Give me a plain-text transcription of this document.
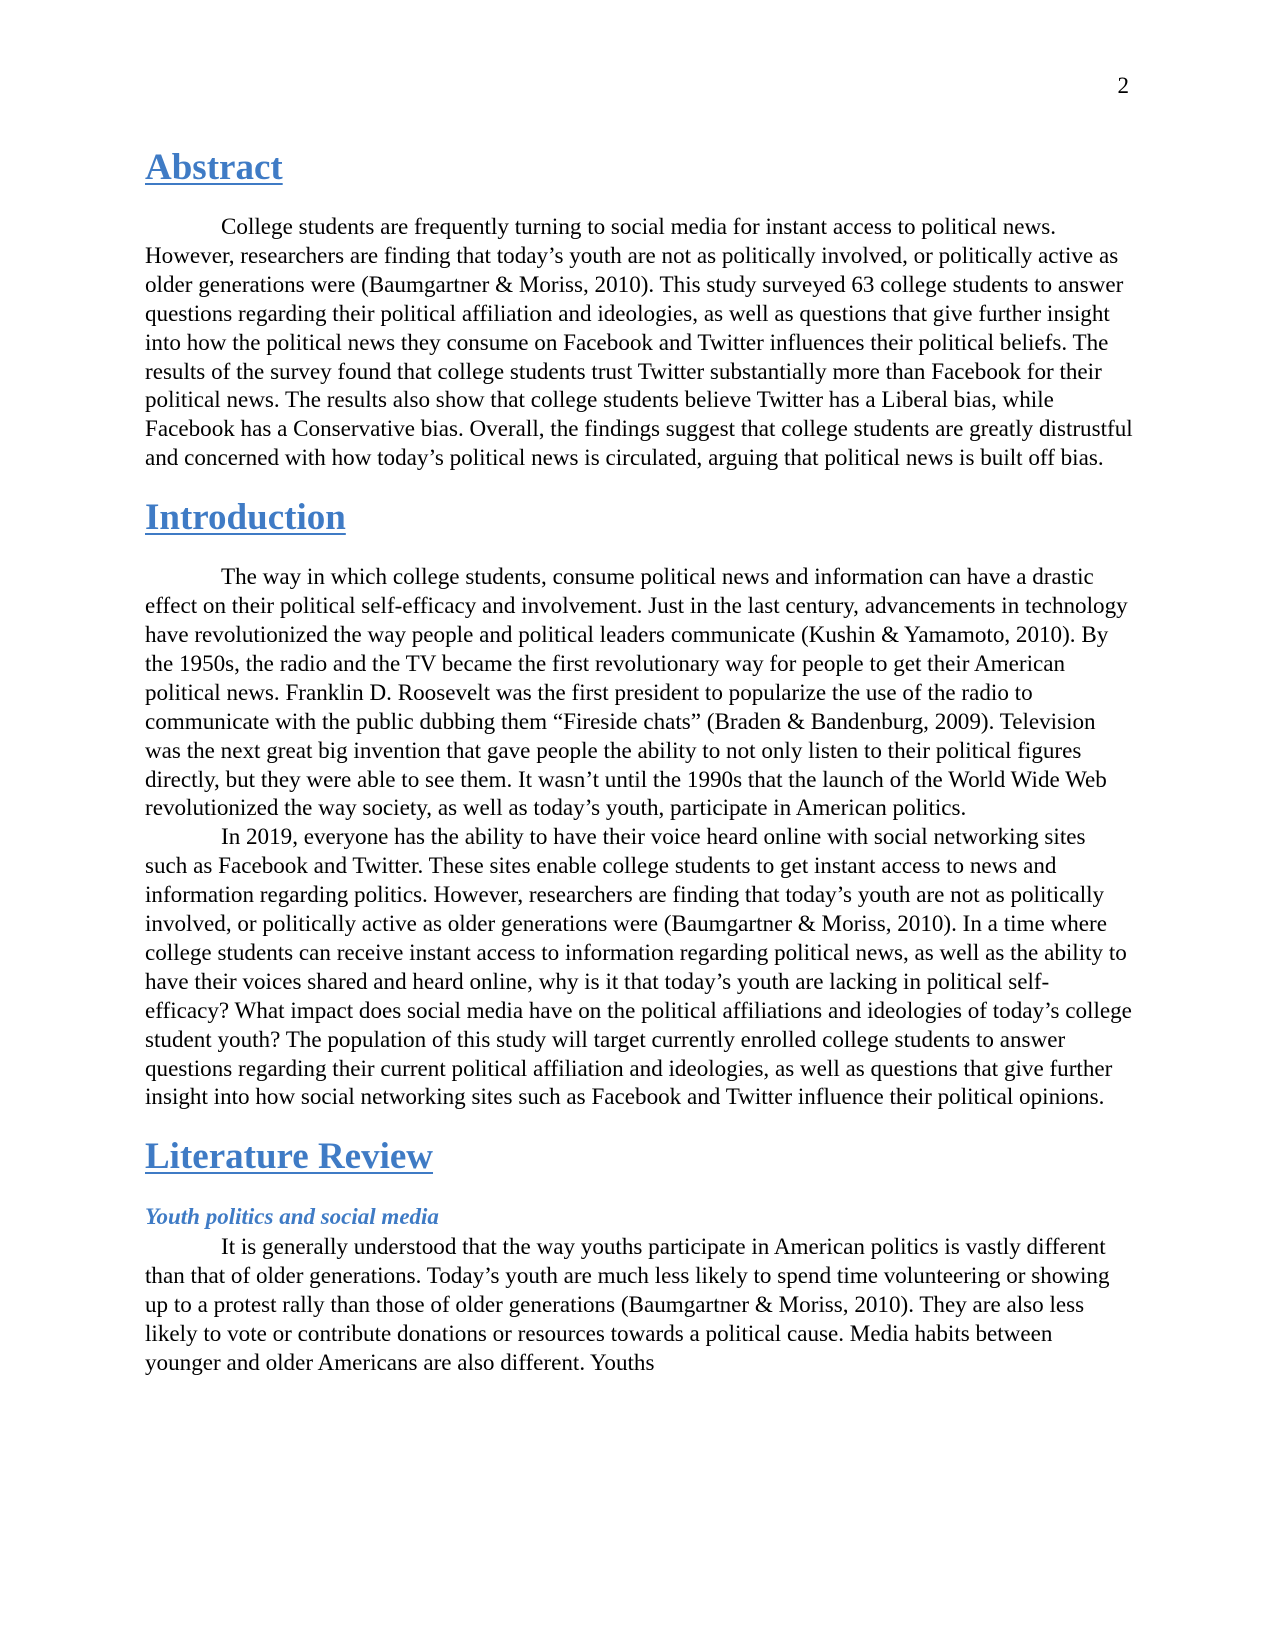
2
Abstract

College students are frequently turning to social media for instant access to political news. However, researchers are finding that today’s youth are not as politically involved, or politically active as older generations were (Baumgartner & Moriss, 2010). This study surveyed 63 college students to answer questions regarding their political affiliation and ideologies, as well as questions that give further insight into how the political news they consume on Facebook and Twitter influences their political beliefs. The results of the survey found that college students trust Twitter substantially more than Facebook for their political news. The results also show that college students believe Twitter has a Liberal bias, while Facebook has a Conservative bias. Overall, the findings suggest that college students are greatly distrustful and concerned with how today’s political news is circulated, arguing that political news is built off bias.

Introduction

The way in which college students, consume political news and information can have a drastic effect on their political self-efficacy and involvement. Just in the last century, advancements in technology have revolutionized the way people and political leaders communicate (Kushin & Yamamoto, 2010). By the 1950s, the radio and the TV became the first revolutionary way for people to get their American political news. Franklin D. Roosevelt was the first president to popularize the use of the radio to communicate with the public dubbing them “Fireside chats” (Braden & Bandenburg, 2009). Television was the next great big invention that gave people the ability to not only listen to their political figures directly, but they were able to see them. It wasn’t until the 1990s that the launch of the World Wide Web revolutionized the way society, as well as today’s youth, participate in American politics.

In 2019, everyone has the ability to have their voice heard online with social networking sites such as Facebook and Twitter. These sites enable college students to get instant access to news and information regarding politics. However, researchers are finding that today’s youth are not as politically involved, or politically active as older generations were (Baumgartner & Moriss, 2010). In a time where college students can receive instant access to information regarding political news, as well as the ability to have their voices shared and heard online, why is it that today’s youth are lacking in political self-efficacy? What impact does social media have on the political affiliations and ideologies of today’s college student youth? The population of this study will target currently enrolled college students to answer questions regarding their current political affiliation and ideologies, as well as questions that give further insight into how social networking sites such as Facebook and Twitter influence their political opinions.

Literature Review
Youth politics and social media

It is generally understood that the way youths participate in American politics is vastly different than that of older generations. Today’s youth are much less likely to spend time volunteering or showing up to a protest rally than those of older generations (Baumgartner & Moriss, 2010). They are also less likely to vote or contribute donations or resources towards a political cause. Media habits between younger and older Americans are also different. Youths
